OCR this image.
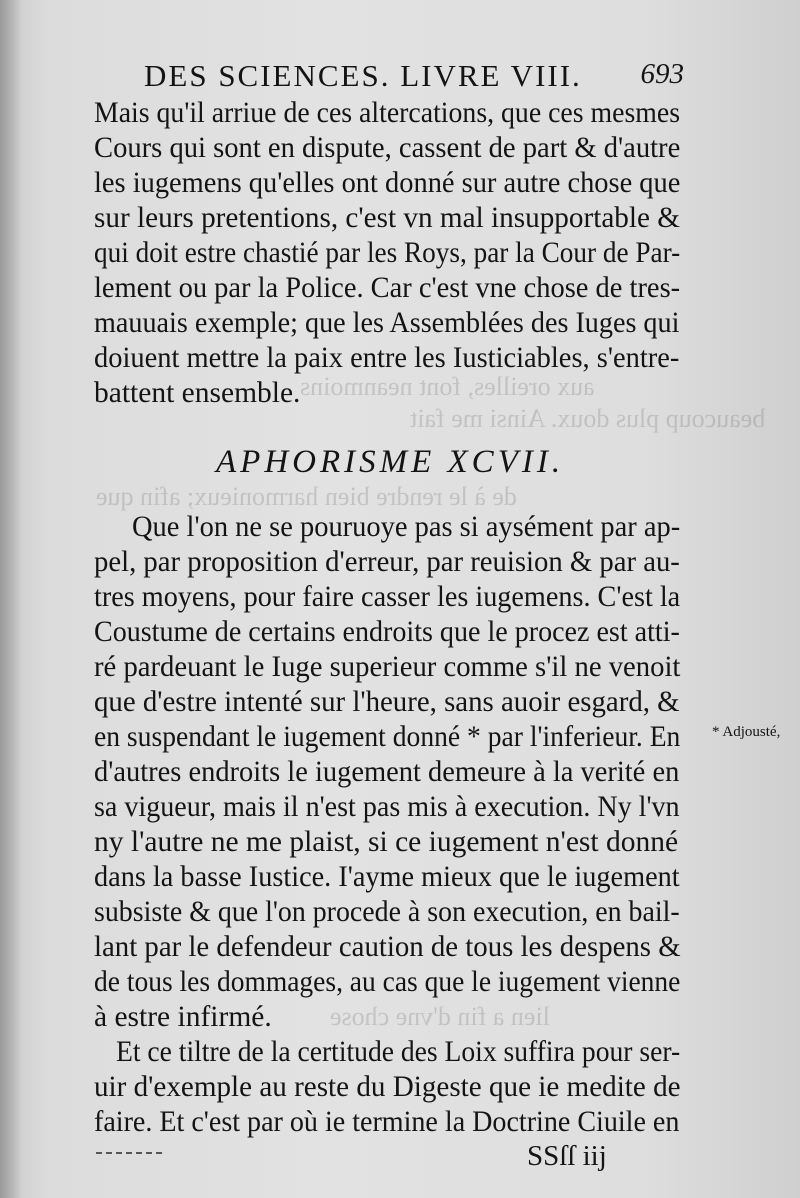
aux oreilles, font neanmoins
beaucoup plus doux. Ainsi me fait
de à le rendre bien harmonieux; afin que
lien a fin d'vne chose
DES SCIENCES. LIVRE VIII. 693
Mais qu'il arriue de ces altercations, que ces mesmes
Cours qui sont en dispute, cassent de part & d'autre
les iugemens qu'elles ont donné sur autre chose que
sur leurs pretentions, c'est vn mal insupportable &
qui doit estre chastié par les Roys, par la Cour de Par-
lement ou par la Police. Car c'est vne chose de tres-
mauuais exemple; que les Assemblées des Iuges qui
doiuent mettre la paix entre les Iusticiables, s'entre-
battent ensemble.
APHORISME XCVII.
Que l'on ne se pouruoye pas si aysément par ap-
pel, par proposition d'erreur, par reuision & par au-
tres moyens, pour faire casser les iugemens. C'est la
Coustume de certains endroits que le procez est atti-
ré pardeuant le Iuge superieur comme s'il ne venoit
que d'estre intenté sur l'heure, sans auoir esgard, &
en suspendant le iugement donné * par l'inferieur. En
d'autres endroits le iugement demeure à la verité en
sa vigueur, mais il n'est pas mis à execution. Ny l'vn
ny l'autre ne me plaist, si ce iugement n'est donné
dans la basse Iustice. I'ayme mieux que le iugement
subsiste & que l'on procede à son execution, en bail-
lant par le defendeur caution de tous les despens &
de tous les dommages, au cas que le iugement vienne
à estre infirmé.
* Adjousté,
Et ce tiltre de la certitude des Loix suffira pour ser-
uir d'exemple au reste du Digeste que ie medite de
faire. Et c'est par où ie termine la Doctrine Ciuile en
SSſſ iij
